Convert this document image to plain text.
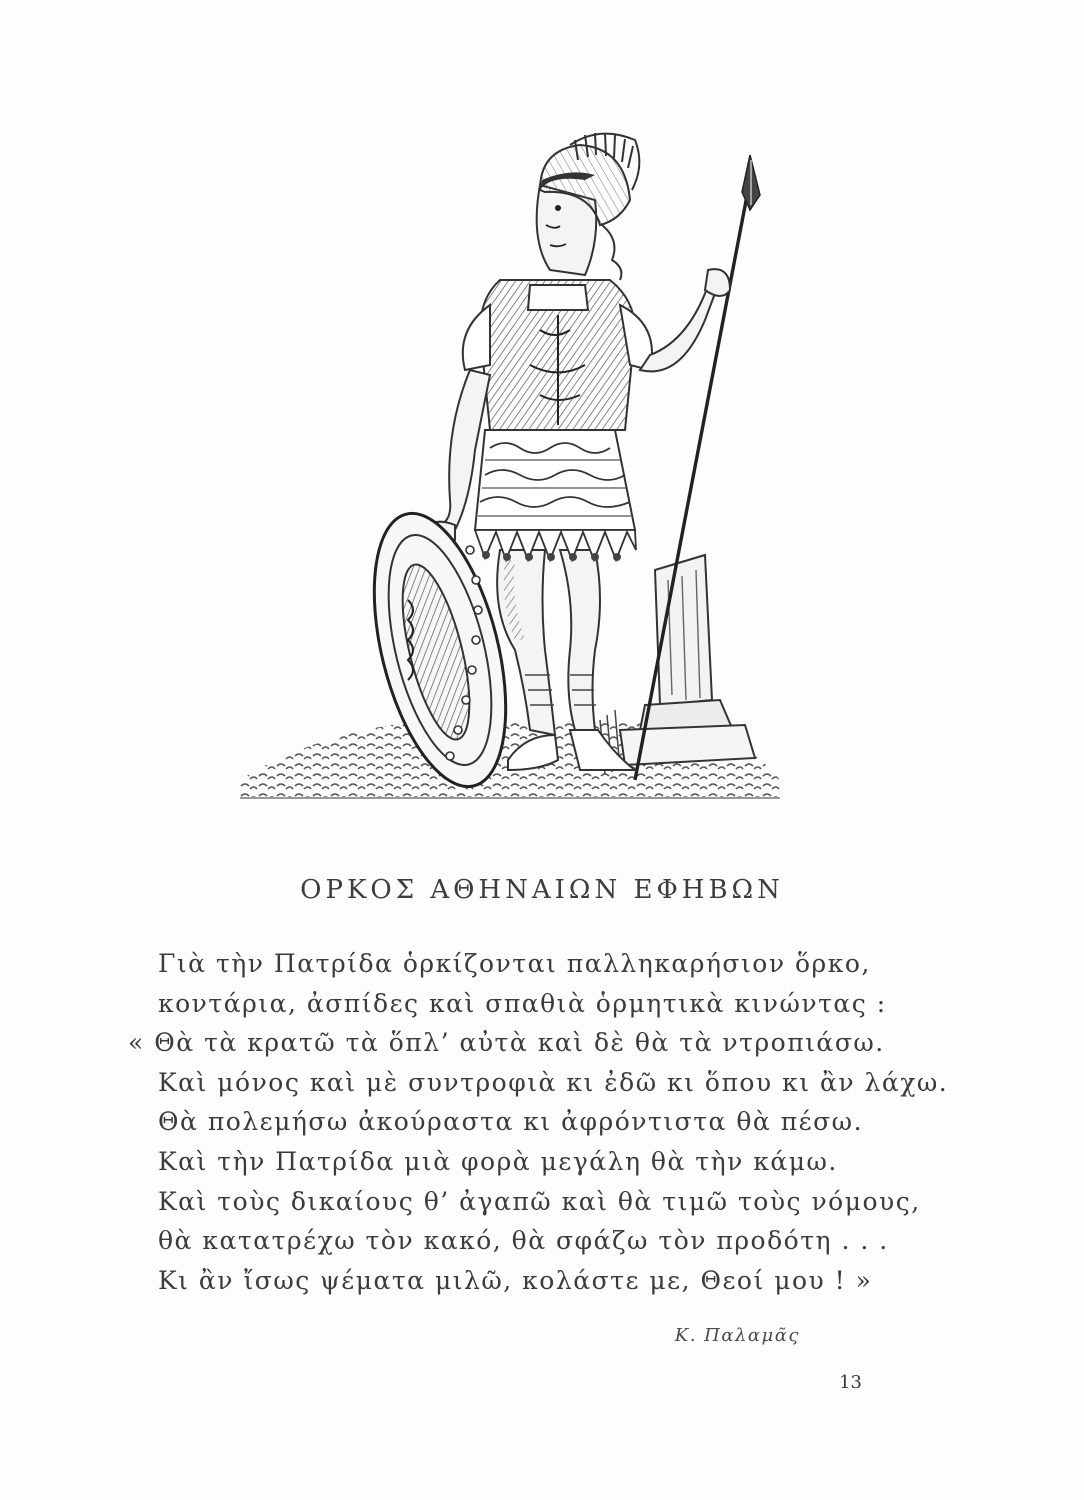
ΟΡΚΟΣ ΑΘΗΝΑΙΩΝ ΕΦΗΒΩΝ
Γιὰ τὴν Πατρίδα ὁρκίζονται παλληκαρήσιον ὅρκο,
κοντάρια, ἀσπίδες καὶ σπαθιὰ ὁρμητικὰ κινώντας :
« Θὰ τὰ κρατῶ τὰ ὅπλ’ αὐτὰ καὶ δὲ θὰ τὰ ντροπιάσω.
Καὶ μόνος καὶ μὲ συντροφιὰ κι ἐδῶ κι ὅπου κι ἂν λάχω.
Θὰ πολεμήσω ἀκούραστα κι ἀφρόντιστα θὰ πέσω.
Καὶ τὴν Πατρίδα μιὰ φορὰ μεγάλη θὰ τὴν κάμω.
Καὶ τοὺς δικαίους θ’ ἀγαπῶ καὶ θὰ τιμῶ τοὺς νόμους,
θὰ κατατρέχω τὸν κακό, θὰ σφάζω τὸν προδότη . . .
Κι ἂν ἴσως ψέματα μιλῶ, κολάστε με, Θεοί μου ! »
Κ. Παλαμᾶς
13
